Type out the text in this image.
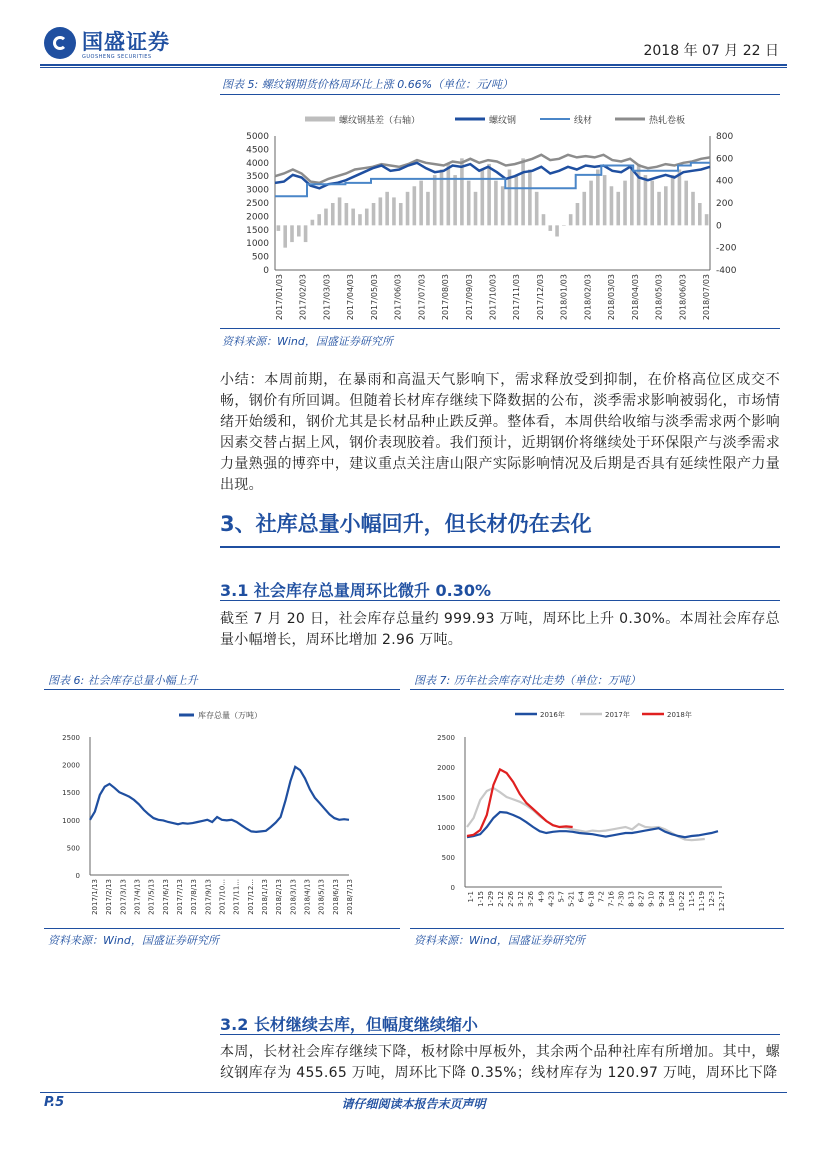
国盛证券
GUOSHENG SECURITIES	2018 年 07 月 22 日
图表 5: 螺纹钢期货价格周环比上涨 0.66%（单位：元/吨）
螺纹钢基差（右轴）	螺纹钢	线材	热轧卷板
5000
4500
4000
3500
3000
2500
2000
1500
1000
500
0
800
600
400
200
0
-200
-400
2017/01/03 2017/02/03 2017/03/03 2017/04/03 2017/05/03 2017/06/03 2017/07/03 2017/08/03 2017/09/03 2017/10/03 2017/11/03 2017/12/03 2018/01/03 2018/02/03 2018/03/03 2018/04/03 2018/05/03 2018/06/03 2018/07/03
资料来源：Wind，国盛证券研究所
小结：本周前期，在暴雨和高温天气影响下，需求释放受到抑制，在价格高位区成交不畅，钢价有所回调。但随着长材库存继续下降数据的公布，淡季需求影响被弱化，市场情绪开始缓和，钢价尤其是长材品种止跌反弹。整体看，本周供给收缩与淡季需求两个影响因素交替占据上风，钢价表现胶着。我们预计，近期钢价将继续处于环保限产与淡季需求力量熟强的博弈中，建议重点关注唐山限产实际影响情况及后期是否具有延续性限产力量出现。
3、社库总量小幅回升，但长材仍在去化
3.1 社会库存总量周环比微升 0.30%
截至 7 月 20 日，社会库存总量约 999.93 万吨，周环比上升 0.30%。本周社会库存总量小幅增长，周环比增加 2.96 万吨。
图表 6: 社会库存总量小幅上升
库存总量（万吨）
2500
2000
1500
1000
500
0
2017/1/13 2017/2/13 2017/3/13 2017/4/13 2017/5/13 2017/6/13 2017/7/13 2017/8/13 2017/9/13 2017/10... 2017/11... 2017/12... 2018/1/13 2018/2/13 2018/3/13 2018/4/13 2018/5/13 2018/6/13 2018/7/13
资料来源：Wind，国盛证券研究所
图表 7: 历年社会库存对比走势（单位：万吨）
2016年	2017年	2018年
2500
2000
1500
1000
500
0
1-1 1-15 1-29 2-12 2-26 3-12 3-26 4-9 4-23 5-7 5-21 6-4 6-18 7-2 7-16 7-30 8-13 8-27 9-10 9-24 10-8 10-22 11-5 11-19 12-3 12-17
资料来源：Wind，国盛证券研究所
3.2 长材继续去库，但幅度继续缩小
本周，长材社会库存继续下降，板材除中厚板外，其余两个品种社库有所增加。其中，螺纹钢库存为 455.65 万吨，周环比下降 0.35%；线材库存为 120.97 万吨，周环比下降
请仔细阅读本报告末页声明
P.5
